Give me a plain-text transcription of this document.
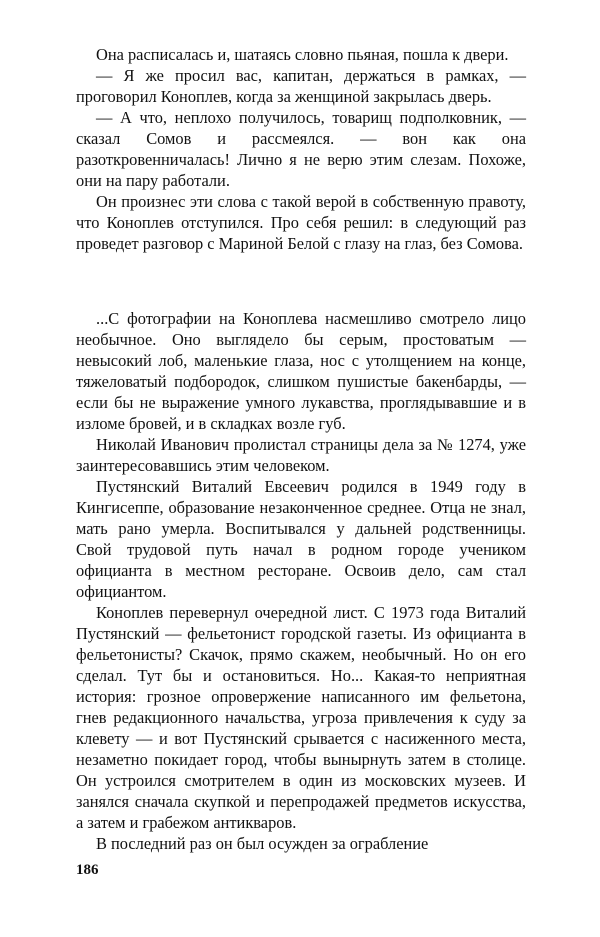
Она расписалась и, шатаясь словно пьяная, пошла к двери.

— Я же просил вас, капитан, держаться в рамках, — проговорил Коноплев, когда за женщиной закрылась дверь.

— А что, неплохо получилось, товарищ подполковник, — сказал Сомов и рассмеялся. — вон как она разоткровенничалась! Лично я не верю этим слезам. Похоже, они на пару работали.

Он произнес эти слова с такой верой в собственную правоту, что Коноплев отступился. Про себя решил: в следующий раз проведет разговор с Мариной Белой с глазу на глаз, без Сомова.

...С фотографии на Коноплева насмешливо смотрело лицо необычное. Оно выглядело бы серым, простоватым — невысокий лоб, маленькие глаза, нос с утолщением на конце, тяжеловатый подбородок, слишком пушистые бакенбарды, — если бы не выражение умного лукавства, проглядывавшие и в изломе бровей, и в складках возле губ.

Николай Иванович пролистал страницы дела за № 1274, уже заинтересовавшись этим человеком.

Пустянский Виталий Евсеевич родился в 1949 году в Кингисеппе, образование незаконченное среднее. Отца не знал, мать рано умерла. Воспитывался у дальней родственницы. Свой трудовой путь начал в родном городе учеником официанта в местном ресторане. Освоив дело, сам стал официантом.

Коноплев перевернул очередной лист. С 1973 года Виталий Пустянский — фельетонист городской газеты. Из официанта в фельетонисты? Скачок, прямо скажем, необычный. Но он его сделал. Тут бы и остановиться. Но... Какая-то неприятная история: грозное опровержение написанного им фельетона, гнев редакционного начальства, угроза привлечения к суду за клевету — и вот Пустянский срывается с насиженного места, незаметно покидает город, чтобы вынырнуть затем в столице. Он устроился смотрителем в один из московских музеев. И занялся сначала скупкой и перепродажей предметов искусства, а затем и грабежом антикваров.

В последний раз он был осужден за ограбление

186
